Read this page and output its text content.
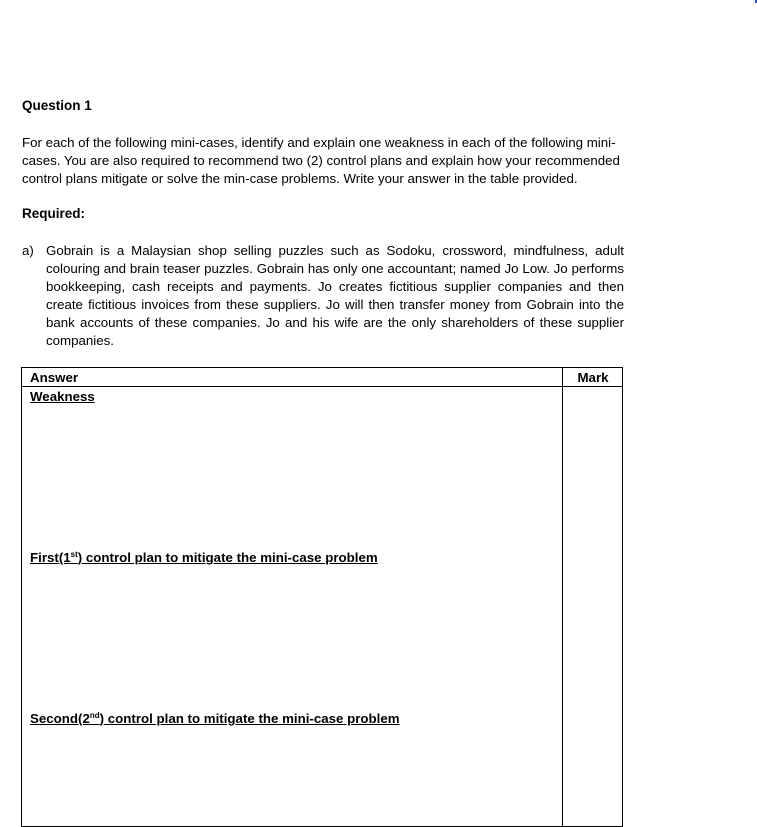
Question 1

For each of the following mini-cases, identify and explain one weakness in each of the following mini-cases. You are also required to recommend two (2) control plans and explain how your recommended control plans mitigate or solve the min-case problems. Write your answer in the table provided.

Required:
a) Gobrain is a Malaysian shop selling puzzles such as Sodoku, crossword, mindfulness, adult colouring and brain teaser puzzles. Gobrain has only one accountant; named Jo Low. Jo performs bookkeeping, cash receipts and payments. Jo creates fictitious supplier companies and then create fictitious invoices from these suppliers. Jo will then transfer money from Gobrain into the bank accounts of these companies. Jo and his wife are the only shareholders of these supplier companies.

Answer	Mark
Weakness
First(1st) control plan to mitigate the mini-case problem
Second(2nd) control plan to mitigate the mini-case problem
